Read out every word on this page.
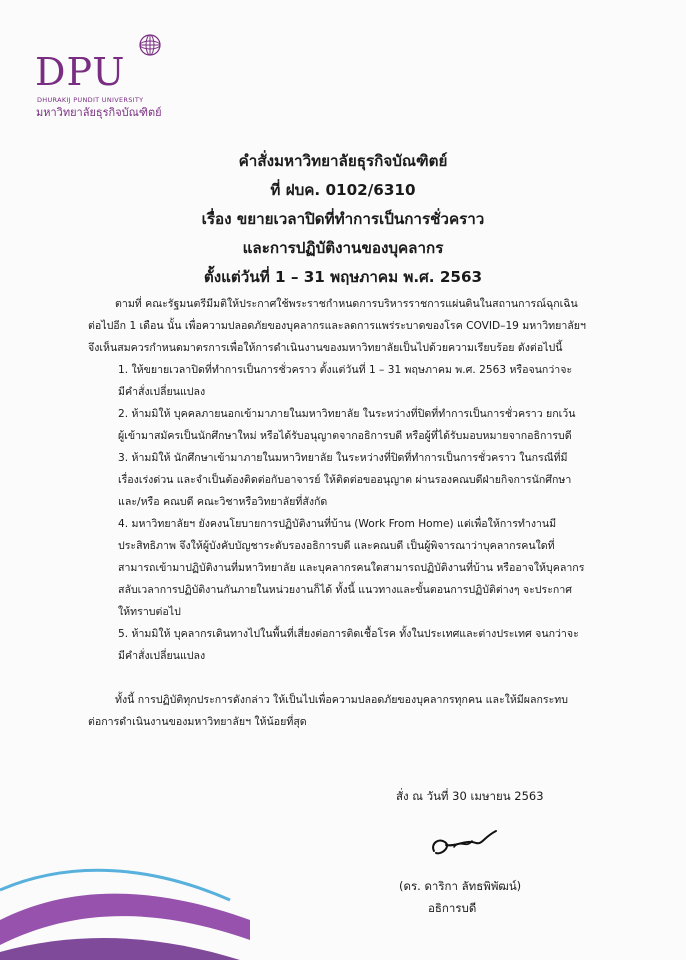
DPU
DHURAKIJ PUNDIT UNIVERSITY
มหาวิทยาลัยธุรกิจบัณฑิตย์
คำสั่งมหาวิทยาลัยธุรกิจบัณฑิตย์
ที่ ฝบค. 0102/6310
เรื่อง ขยายเวลาปิดที่ทำการเป็นการชั่วคราว
และการปฏิบัติงานของบุคลากร
ตั้งแต่วันที่ 1 – 31 พฤษภาคม พ.ศ. 2563
ตามที่ คณะรัฐมนตรีมีมติให้ประกาศใช้พระราชกำหนดการบริหารราชการแผ่นดินในสถานการณ์ฉุกเฉิน
ต่อไปอีก 1 เดือน นั้น เพื่อความปลอดภัยของบุคลากรและลดการแพร่ระบาดของโรค COVID–19 มหาวิทยาลัยฯ
จึงเห็นสมควรกำหนดมาตรการเพื่อให้การดำเนินงานของมหาวิทยาลัยเป็นไปด้วยความเรียบร้อย ดังต่อไปนี้
1. ให้ขยายเวลาปิดที่ทำการเป็นการชั่วคราว ตั้งแต่วันที่ 1 – 31 พฤษภาคม พ.ศ. 2563 หรือจนกว่าจะ
มีคำสั่งเปลี่ยนแปลง
2. ห้ามมิให้ บุคคลภายนอกเข้ามาภายในมหาวิทยาลัย ในระหว่างที่ปิดที่ทำการเป็นการชั่วคราว ยกเว้น
ผู้เข้ามาสมัครเป็นนักศึกษาใหม่ หรือได้รับอนุญาตจากอธิการบดี หรือผู้ที่ได้รับมอบหมายจากอธิการบดี
3. ห้ามมิให้ นักศึกษาเข้ามาภายในมหาวิทยาลัย ในระหว่างที่ปิดที่ทำการเป็นการชั่วคราว ในกรณีที่มี
เรื่องเร่งด่วน และจำเป็นต้องติดต่อกับอาจารย์ ให้ติดต่อขออนุญาต ผ่านรองคณบดีฝ่ายกิจการนักศึกษา
และ/หรือ คณบดี คณะวิชาหรือวิทยาลัยที่สังกัด
4. มหาวิทยาลัยฯ ยังคงนโยบายการปฏิบัติงานที่บ้าน (Work From Home) แต่เพื่อให้การทำงานมี
ประสิทธิภาพ จึงให้ผู้บังคับบัญชาระดับรองอธิการบดี และคณบดี เป็นผู้พิจารณาว่าบุคลากรคนใดที่
สามารถเข้ามาปฏิบัติงานที่มหาวิทยาลัย และบุคลากรคนใดสามารถปฏิบัติงานที่บ้าน หรืออาจให้บุคลากร
สลับเวลาการปฏิบัติงานกันภายในหน่วยงานก็ได้ ทั้งนี้ แนวทางและขั้นตอนการปฏิบัติต่างๆ จะประกาศ
ให้ทราบต่อไป
5. ห้ามมิให้ บุคลากรเดินทางไปในพื้นที่เสี่ยงต่อการติดเชื้อโรค ทั้งในประเทศและต่างประเทศ จนกว่าจะ
มีคำสั่งเปลี่ยนแปลง
ทั้งนี้ การปฏิบัติทุกประการดังกล่าว ให้เป็นไปเพื่อความปลอดภัยของบุคลากรทุกคน และให้มีผลกระทบ
ต่อการดำเนินงานของมหาวิทยาลัยฯ ให้น้อยที่สุด
สั่ง ณ วันที่ 30 เมษายน 2563
(ดร. ดาริกา ลัทธพิพัฒน์)
อธิการบดี
